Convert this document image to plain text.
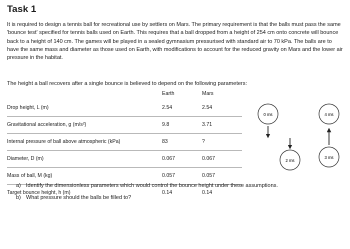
Task 1

It is required to design a tennis ball for recreational use by settlers on Mars. The primary requirement is that the balls must pass the same 'bounce test' specified for tennis balls used on Earth. This requires that a ball dropped from a height of 254 cm onto concrete will bounce back to a height of 140 cm. The games will be played in a sealed gymnasium pressurised with standard air to 70 kPa. The balls are to have the same mass and diameter as those used on Earth, with modifications to account for the reduced gravity on Mars and the lower air pressure in the habitat.

The height a ball recovers after a single bounce is believed to depend on the following parameters:

	Earth	Mars
Drop height, L (m)	2.54	2.54
Gravitational acceleration, g (m/s²)	9.8	3.71
Internal pressure of ball above atmospheric (kPa)	83	?
Diameter, D (m)	0.067	0.067
Mass of ball, M (kg)	0.057	0.057
Target bounce height, h (m)	0.14	0.14
0 ms	4 ms
2 ms
3 ms
a) Identify the dimensionless parameters which would control the bounce height under these assumptions.
b) What pressure should the balls be filled to?
